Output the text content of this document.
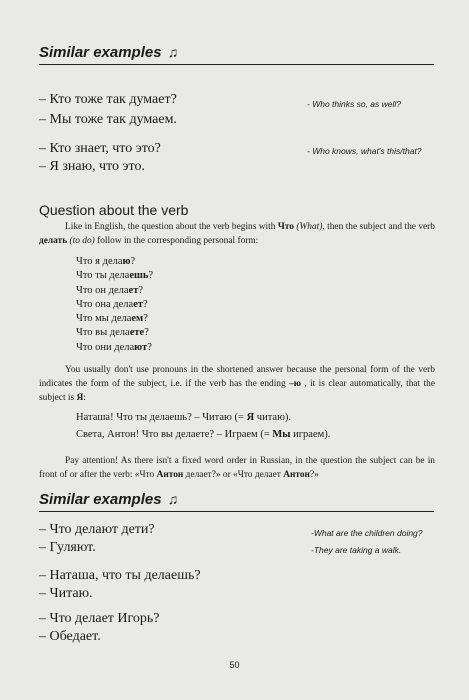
Similar examples ♫
– Кто тоже так думает?	- Who thinks so, as well?
– Мы тоже так думаем.
– Кто знает, что это?	- Who knows, what's this/that?
– Я знаю, что это.
Question about the verb

Like in English, the question about the verb begins with Что (What), then the subject and the verb делать (to do) follow in the corresponding personal form:

Что я делаю?
Что ты делаешь?
Что он делает?
Что она делает?
Что мы делаем?
Что вы делаете?
Что они делают?

You usually don't use pronouns in the shortened answer because the personal form of the verb indicates the form of the subject, i.e. if the verb has the ending –ю , it is clear automatically, that the subject is Я:

Наташа! Что ты делаешь? – Читаю (= Я читаю).
Света, Антон! Что вы делаете? – Играем (= Мы играем).

Pay attention! As there isn't a fixed word order in Russian, in the question the subject can be in front of or after the verb: «Что Антон делает?» or «Что делает Антон?»

Similar examples ♫
– Что делают дети?	-What are the children doing?
– Гуляют.	-They are taking a walk.
– Наташа, что ты делаешь?
– Читаю.
– Что делает Игорь?
– Обедает.
50
